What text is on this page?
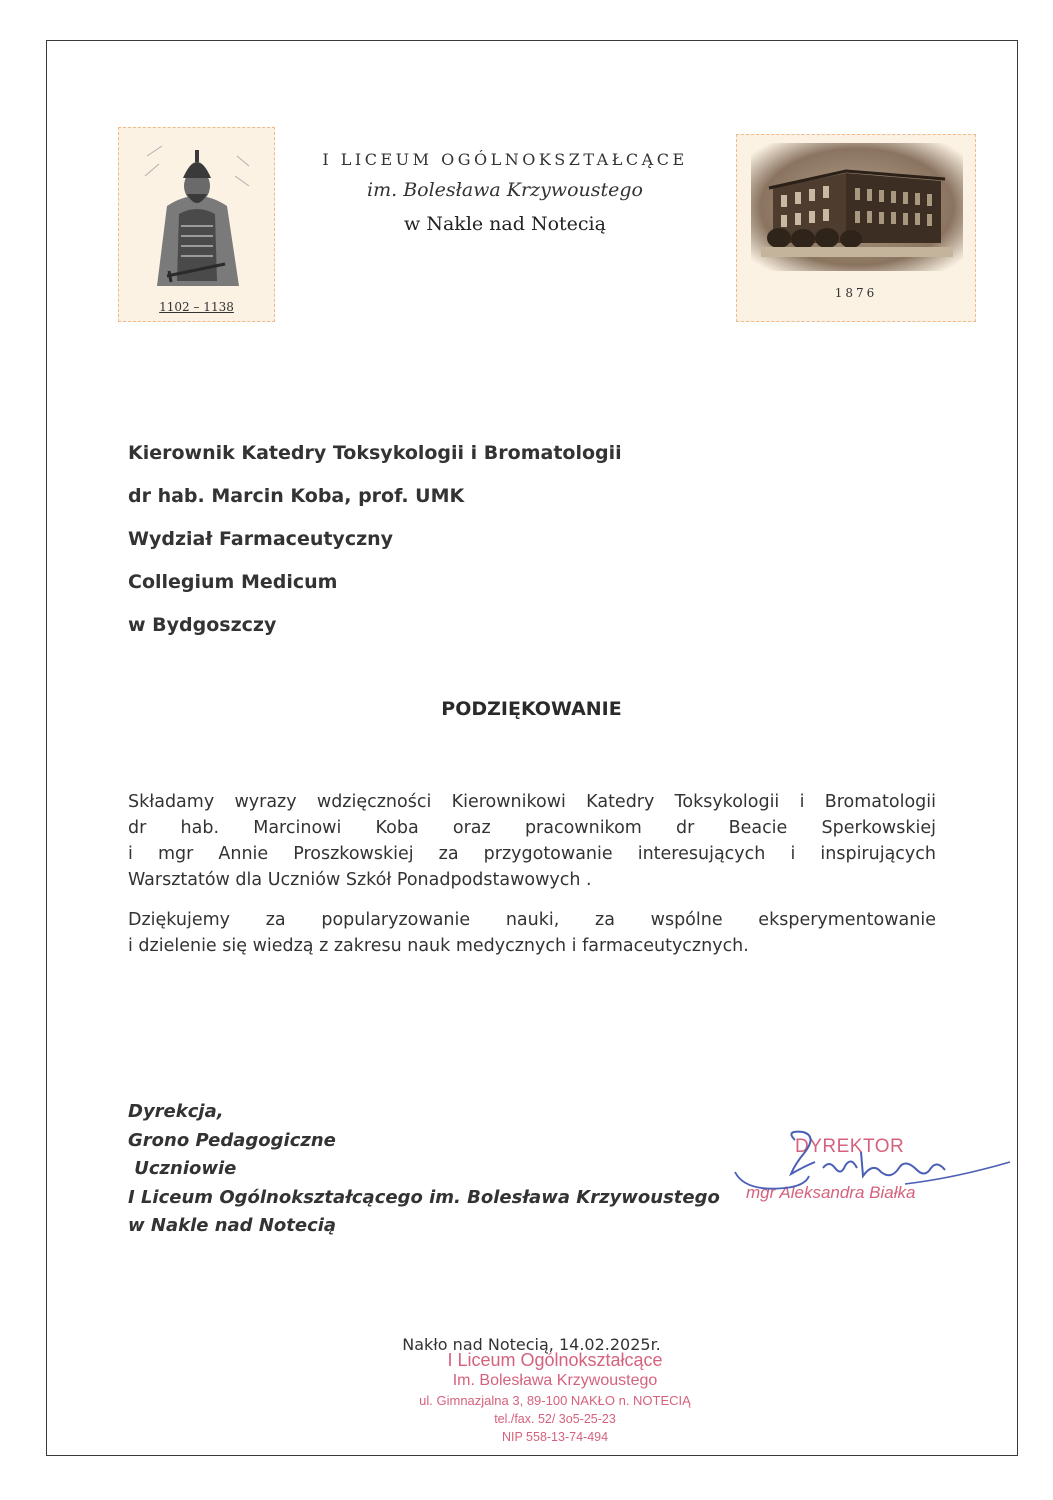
1102 – 1138
I LICEUM OGÓLNOKSZTAŁCĄCE
im. Bolesława Krzywoustego
w Nakle nad Notecią
1876
Kierownik Katedry Toksykologii i Bromatologii
dr hab. Marcin Koba, prof. UMK
Wydział Farmaceutyczny
Collegium Medicum
w Bydgoszczy
PODZIĘKOWANIE
Składamy wyrazy wdzięczności Kierownikowi Katedry Toksykologii i Bromatologii
dr hab. Marcinowi Koba oraz pracownikom dr Beacie Sperkowskiej
i mgr Annie Proszkowskiej za przygotowanie interesujących i inspirujących
Warsztatów dla Uczniów Szkół Ponadpodstawowych .
Dziękujemy za popularyzowanie nauki, za wspólne eksperymentowanie
i dzielenie się wiedzą z zakresu nauk medycznych i farmaceutycznych.
Dyrekcja,
Grono Pedagogiczne
Uczniowie
I Liceum Ogólnokształcącego im. Bolesława Krzywoustego
w Nakle nad Notecią
DYREKTOR
mgr Aleksandra Białka
Nakło nad Notecią, 14.02.2025r.
I Liceum Ogólnokształcące
Im. Bolesława Krzywoustego
ul. Gimnazjalna 3, 89-100 NAKŁO n. NOTECIĄ
tel./fax. 52/ 3o5-25-23
NIP 558-13-74-494
